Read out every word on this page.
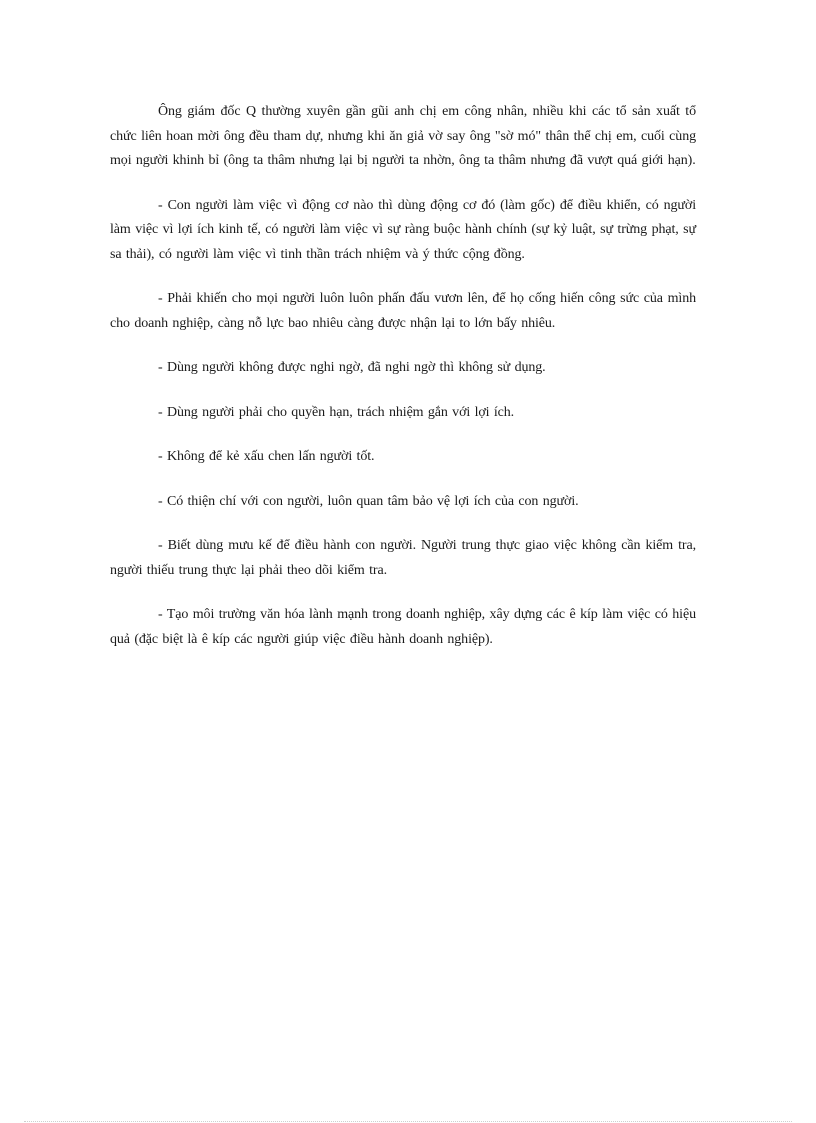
Ông giám đốc Q thường xuyên gần gũi anh chị em công nhân, nhiều khi các tổ sản xuất tổ chức liên hoan mời ông đều tham dự, nhưng khi ăn giả vờ say ông "sờ mó" thân thể chị em, cuối cùng mọi người khinh bỉ (ông ta thâm nhưng lại bị người ta nhờn, ông ta thâm nhưng đã vượt quá giới hạn).

- Con người làm việc vì động cơ nào thì dùng động cơ đó (làm gốc) để điều khiển, có người làm việc vì lợi ích kinh tế, có người làm việc vì sự ràng buộc hành chính (sự kỷ luật, sự trừng phạt, sự sa thải), có người làm việc vì tinh thần trách nhiệm và ý thức cộng đồng.

- Phải khiến cho mọi người luôn luôn phấn đấu vươn lên, để họ cống hiến công sức của mình cho doanh nghiệp, càng nỗ lực bao nhiêu càng được nhận lại to lớn bấy nhiêu.

- Dùng người không được nghi ngờ, đã nghi ngờ thì không sử dụng.

- Dùng người phải cho quyền hạn, trách nhiệm gắn với lợi ích.

- Không để kẻ xấu chen lấn người tốt.

- Có thiện chí với con người, luôn quan tâm bảo vệ lợi ích của con người.

- Biết dùng mưu kế để điều hành con người. Người trung thực giao việc không cần kiểm tra, người thiếu trung thực lại phải theo dõi kiểm tra.

- Tạo môi trường văn hóa lành mạnh trong doanh nghiệp, xây dựng các ê kíp làm việc có hiệu quả (đặc biệt là ê kíp các người giúp việc điều hành doanh nghiệp).
